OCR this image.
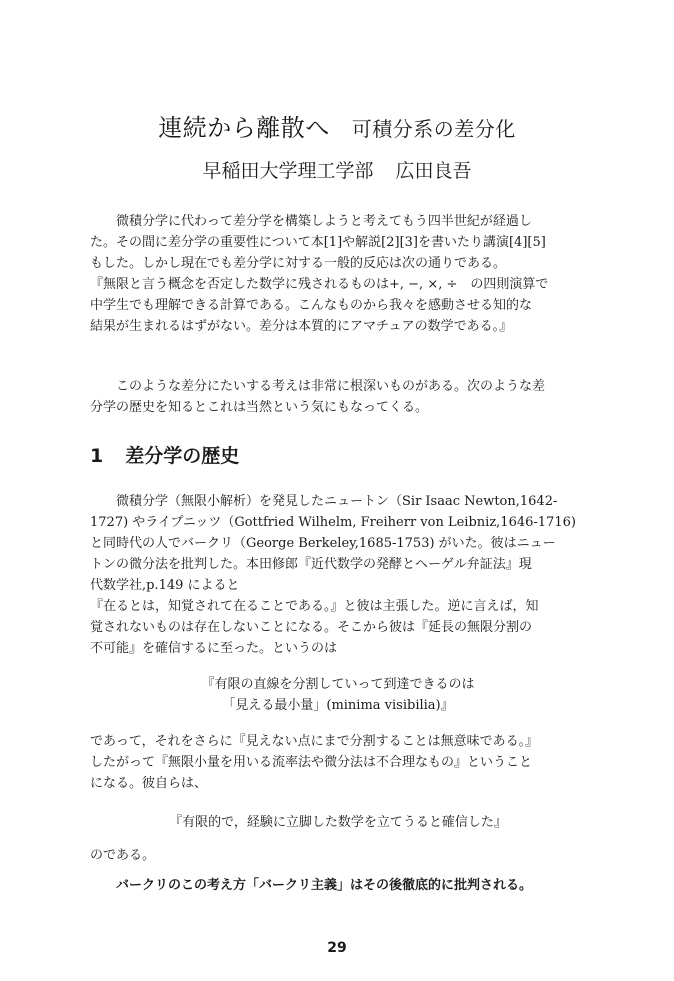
連続から離散へ 可積分系の差分化
早稲田大学理工学部 広田良吾
微積分学に代わって差分学を構築しようと考えてもう四半世紀が経過し
た。その間に差分学の重要性について本[1]や解説[2][3]を書いたり講演[4][5]
もした。しかし現在でも差分学に対する一般的反応は次の通りである。
『無限と言う概念を否定した数学に残されるものは+, −, ×, ÷　の四則演算で
中学生でも理解できる計算である。こんなものから我々を感動させる知的な
結果が生まれるはずがない。差分は本質的にアマチュアの数学である。』
このような差分にたいする考えは非常に根深いものがある。次のような差
分学の歴史を知るとこれは当然という気にもなってくる。
1 差分学の歴史
微積分学（無限小解析）を発見したニュートン（Sir Isaac Newton,1642-
1727) やライプニッツ（Gottfried Wilhelm, Freiherr von Leibniz,1646-1716)
と同時代の人でバークリ（George Berkeley,1685-1753) がいた。彼はニュー
トンの微分法を批判した。本田修郎『近代数学の発酵とヘーゲル弁証法』現
代数学社,p.149 によると
『在るとは，知覚されて在ることである。』と彼は主張した。逆に言えば，知
覚されないものは存在しないことになる。そこから彼は『延長の無限分割の
不可能』を確信するに至った。というのは
『有限の直線を分割していって到達できるのは
「見える最小量」(minima visibilia)』
であって，それをさらに『見えない点にまで分割することは無意味である。』
したがって『無限小量を用いる流率法や微分法は不合理なもの』ということ
になる。彼自らは、
『有限的で，経験に立脚した数学を立てうると確信した』
のである。
バークリのこの考え方「バークリ主義」はその後徹底的に批判される。
29
